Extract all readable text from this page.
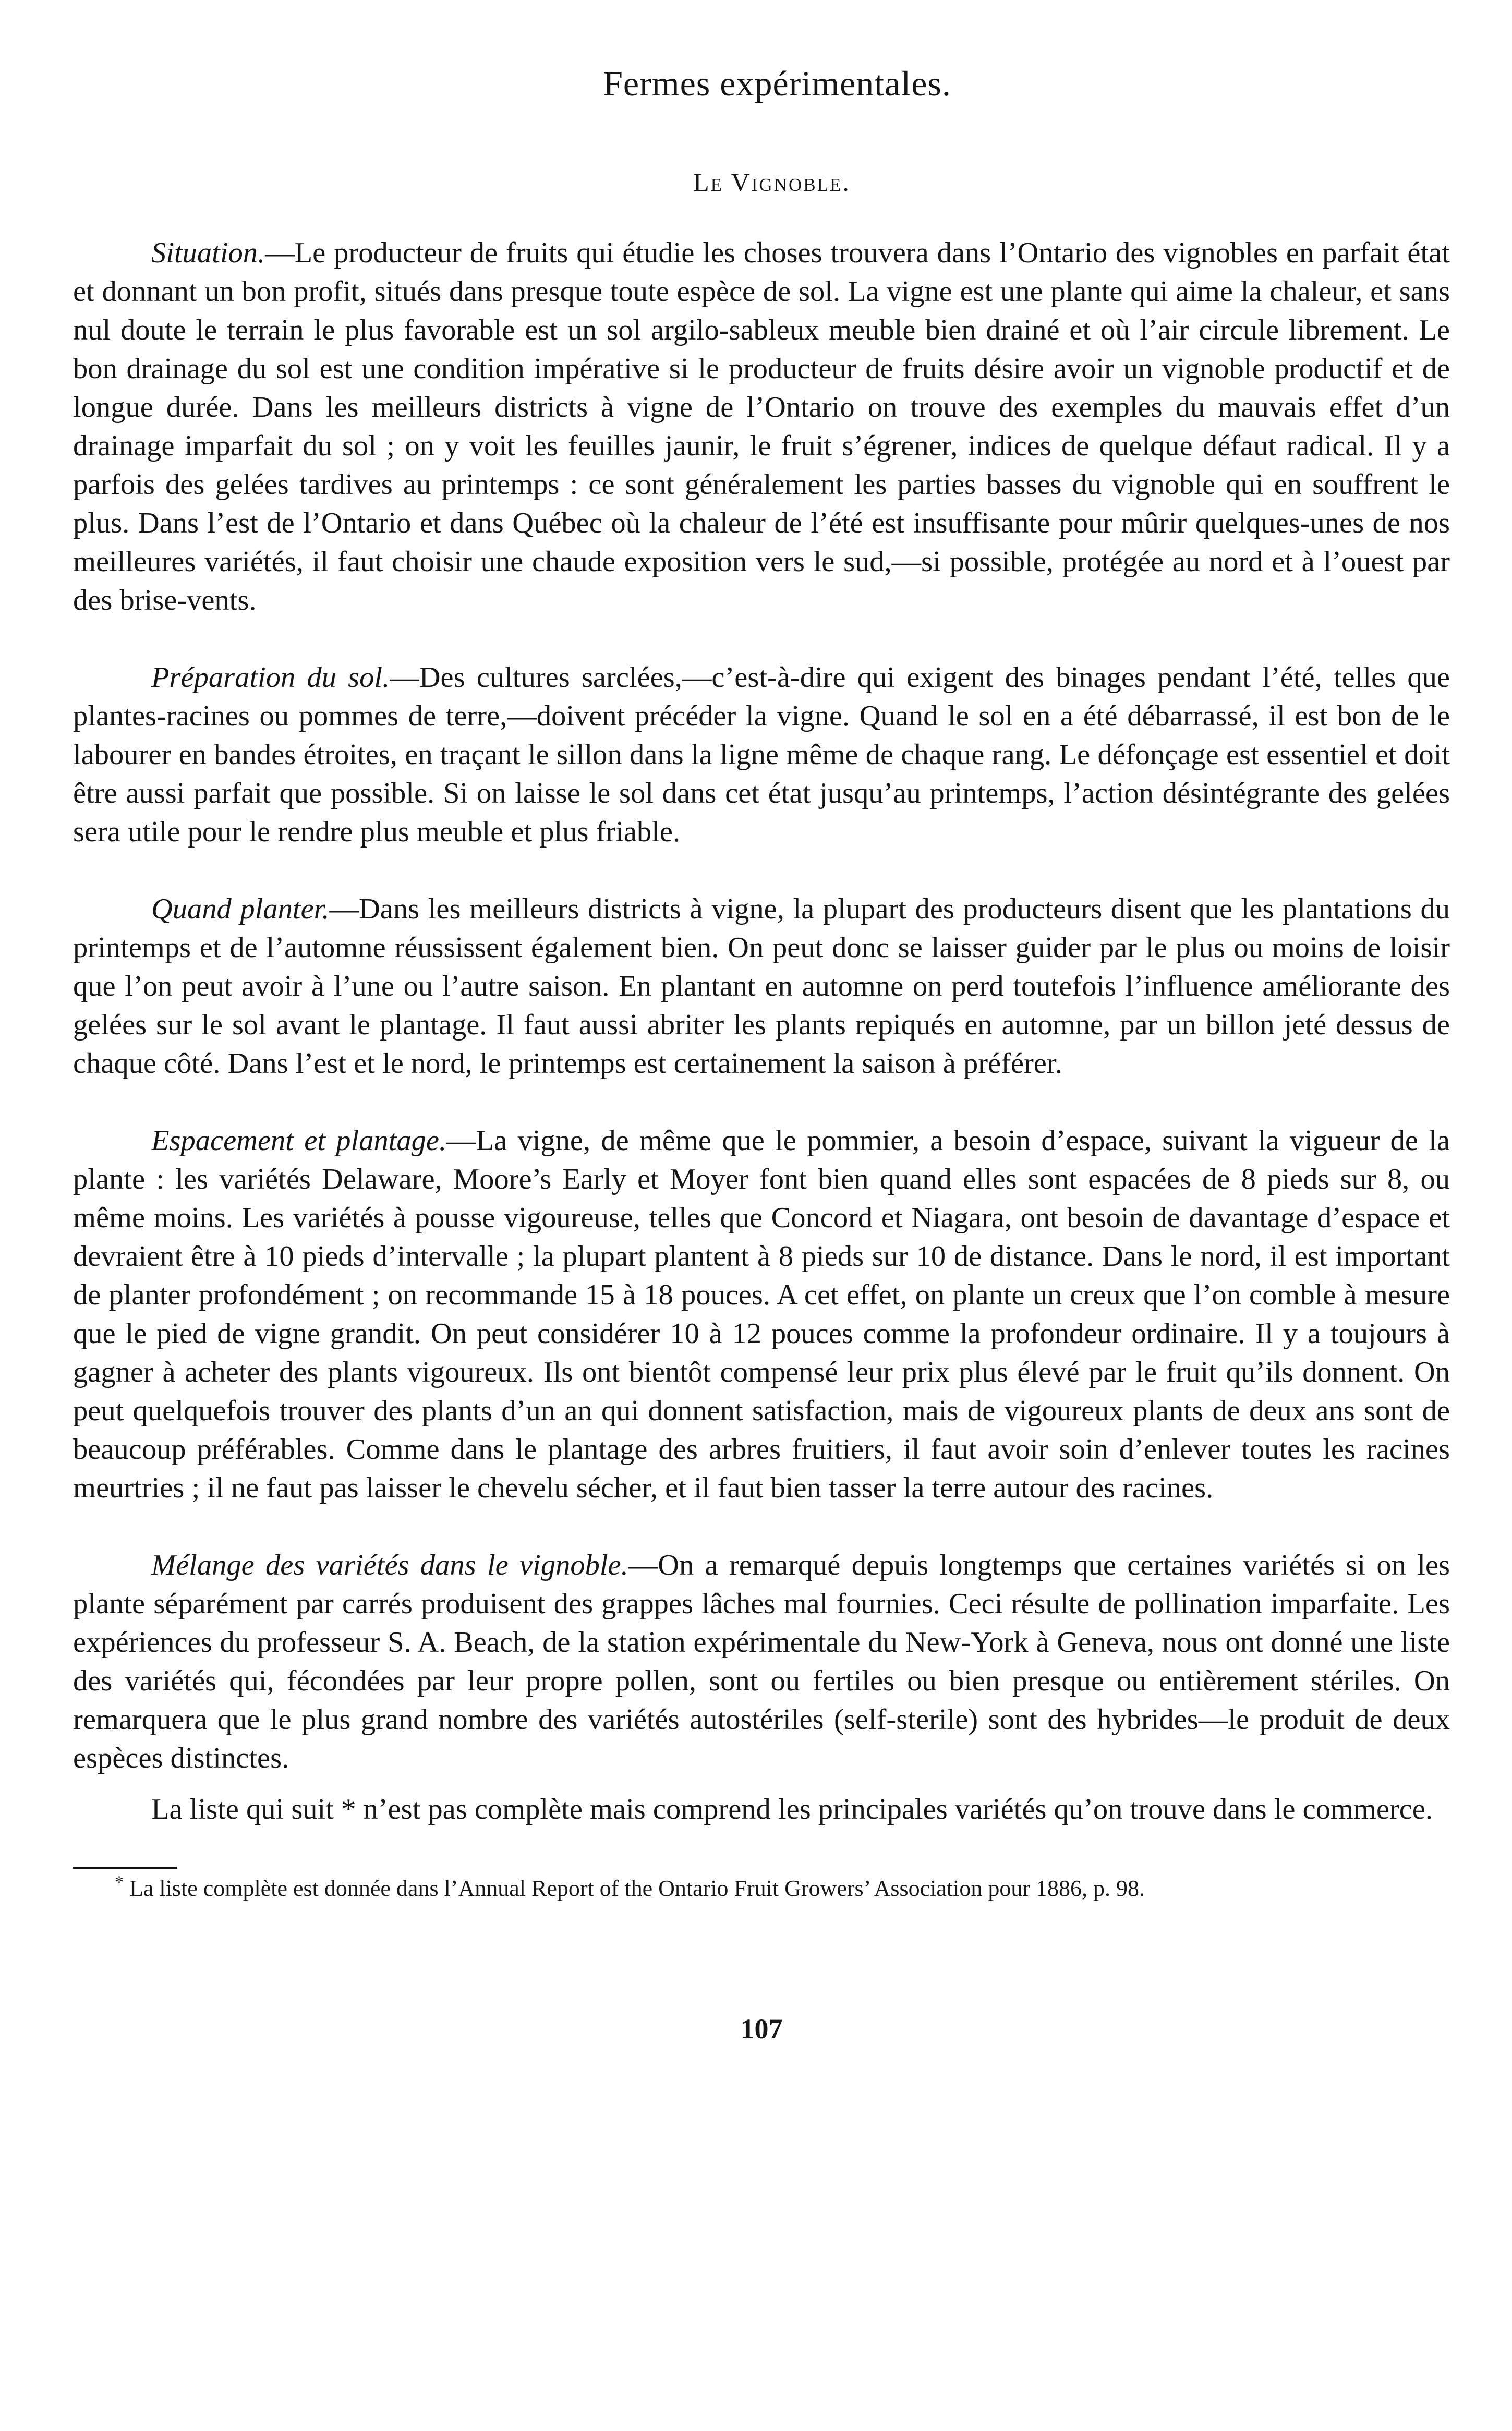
Fermes expérimentales.
Le Vignoble.

Situation.—Le producteur de fruits qui étudie les choses trouvera dans l’Ontario des vignobles en parfait état et donnant un bon profit, situés dans presque toute espèce de sol. La vigne est une plante qui aime la chaleur, et sans nul doute le terrain le plus favorable est un sol argilo-sableux meuble bien drainé et où l’air circule librement. Le bon drainage du sol est une condition impérative si le producteur de fruits désire avoir un vignoble productif et de longue durée. Dans les meilleurs districts à vigne de l’Ontario on trouve des exemples du mauvais effet d’un drainage imparfait du sol ; on y voit les feuilles jaunir, le fruit s’égrener, indices de quelque défaut radical. Il y a parfois des gelées tardives au printemps : ce sont généralement les parties basses du vignoble qui en souffrent le plus. Dans l’est de l’Ontario et dans Québec où la chaleur de l’été est insuffisante pour mûrir quelques-unes de nos meilleures variétés, il faut choisir une chaude exposition vers le sud,—si possible, protégée au nord et à l’ouest par des brise-vents.

Préparation du sol.—Des cultures sarclées,—c’est-à-dire qui exigent des binages pendant l’été, telles que plantes-racines ou pommes de terre,—doivent précéder la vigne. Quand le sol en a été débarrassé, il est bon de le labourer en bandes étroites, en traçant le sillon dans la ligne même de chaque rang. Le défonçage est essentiel et doit être aussi parfait que possible. Si on laisse le sol dans cet état jusqu’au printemps, l’action désintégrante des gelées sera utile pour le rendre plus meuble et plus friable.

Quand planter.—Dans les meilleurs districts à vigne, la plupart des producteurs disent que les plantations du printemps et de l’automne réussissent également bien. On peut donc se laisser guider par le plus ou moins de loisir que l’on peut avoir à l’une ou l’autre saison. En plantant en automne on perd toutefois l’influence améliorante des gelées sur le sol avant le plantage. Il faut aussi abriter les plants repiqués en automne, par un billon jeté dessus de chaque côté. Dans l’est et le nord, le printemps est certainement la saison à préférer.

Espacement et plantage.—La vigne, de même que le pommier, a besoin d’espace, suivant la vigueur de la plante : les variétés Delaware, Moore’s Early et Moyer font bien quand elles sont espacées de 8 pieds sur 8, ou même moins. Les variétés à pousse vigoureuse, telles que Concord et Niagara, ont besoin de davantage d’espace et devraient être à 10 pieds d’intervalle ; la plupart plantent à 8 pieds sur 10 de distance. Dans le nord, il est important de planter profondément ; on recommande 15 à 18 pouces. A cet effet, on plante un creux que l’on comble à mesure que le pied de vigne grandit. On peut considérer 10 à 12 pouces comme la profondeur ordinaire. Il y a toujours à gagner à acheter des plants vigoureux. Ils ont bientôt compensé leur prix plus élevé par le fruit qu’ils donnent. On peut quelquefois trouver des plants d’un an qui donnent satisfaction, mais de vigoureux plants de deux ans sont de beaucoup préférables. Comme dans le plantage des arbres fruitiers, il faut avoir soin d’enlever toutes les racines meurtries ; il ne faut pas laisser le chevelu sécher, et il faut bien tasser la terre autour des racines.

Mélange des variétés dans le vignoble.—On a remarqué depuis longtemps que certaines variétés si on les plante séparément par carrés produisent des grappes lâches mal fournies. Ceci résulte de pollination imparfaite. Les expériences du professeur S. A. Beach, de la station expérimentale du New-York à Geneva, nous ont donné une liste des variétés qui, fécondées par leur propre pollen, sont ou fertiles ou bien presque ou entièrement stériles. On remarquera que le plus grand nombre des variétés autostériles (self-sterile) sont des hybrides—le produit de deux espèces distinctes.

La liste qui suit * n’est pas complète mais comprend les principales variétés qu’on trouve dans le commerce.

* La liste complète est donnée dans l’Annual Report of the Ontario Fruit Growers’ Association pour 1886, p. 98.

107
